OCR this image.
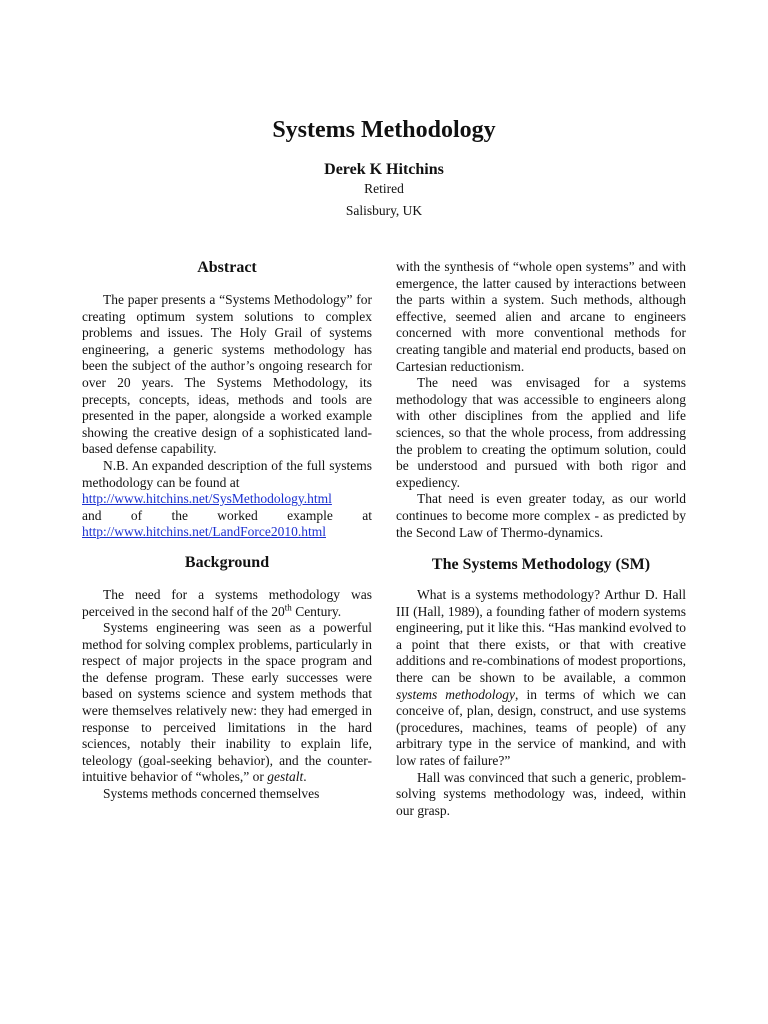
Systems Methodology
Derek K Hitchins
Retired
Salisbury, UK
Abstract

The paper presents a “Systems Methodology” for creating optimum system solutions to complex problems and issues. The Holy Grail of systems engineering, a generic systems methodology has been the subject of the author’s ongoing research for over 20 years. The Systems Methodology, its precepts, concepts, ideas, methods and tools are presented in the paper, alongside a worked example showing the creative design of a sophisticated land-based defense capability.

N.B. An expanded description of the full systems methodology can be found at
http://www.hitchins.net/SysMethodology.html
and of the worked example at
http://www.hitchins.net/LandForce2010.html

Background

The need for a systems methodology was perceived in the second half of the 20th Century.

Systems engineering was seen as a powerful method for solving complex problems, particularly in respect of major projects in the space program and the defense program. These early successes were based on systems science and system methods that were themselves relatively new: they had emerged in response to perceived limitations in the hard sciences, notably their inability to explain life, teleology (goal-seeking behavior), and the counter-intuitive behavior of “wholes,” or gestalt.

Systems methods concerned themselves

with the synthesis of “whole open systems” and with emergence, the latter caused by interactions between the parts within a system. Such methods, although effective, seemed alien and arcane to engineers concerned with more conventional methods for creating tangible and material end products, based on Cartesian reductionism.

The need was envisaged for a systems methodology that was accessible to engineers along with other disciplines from the applied and life sciences, so that the whole process, from addressing the problem to creating the optimum solution, could be understood and pursued with both rigor and expediency.

That need is even greater today, as our world continues to become more complex - as predicted by the Second Law of Thermo-dynamics.

The Systems Methodology (SM)

What is a systems methodology? Arthur D. Hall III (Hall, 1989), a founding father of modern systems engineering, put it like this. “Has mankind evolved to a point that there exists, or that with creative additions and re-combinations of modest proportions, there can be shown to be available, a common systems methodology, in terms of which we can conceive of, plan, design, construct, and use systems (procedures, machines, teams of people) of any arbitrary type in the service of mankind, and with low rates of failure?”

Hall was convinced that such a generic, problem-solving systems methodology was, indeed, within our grasp.
